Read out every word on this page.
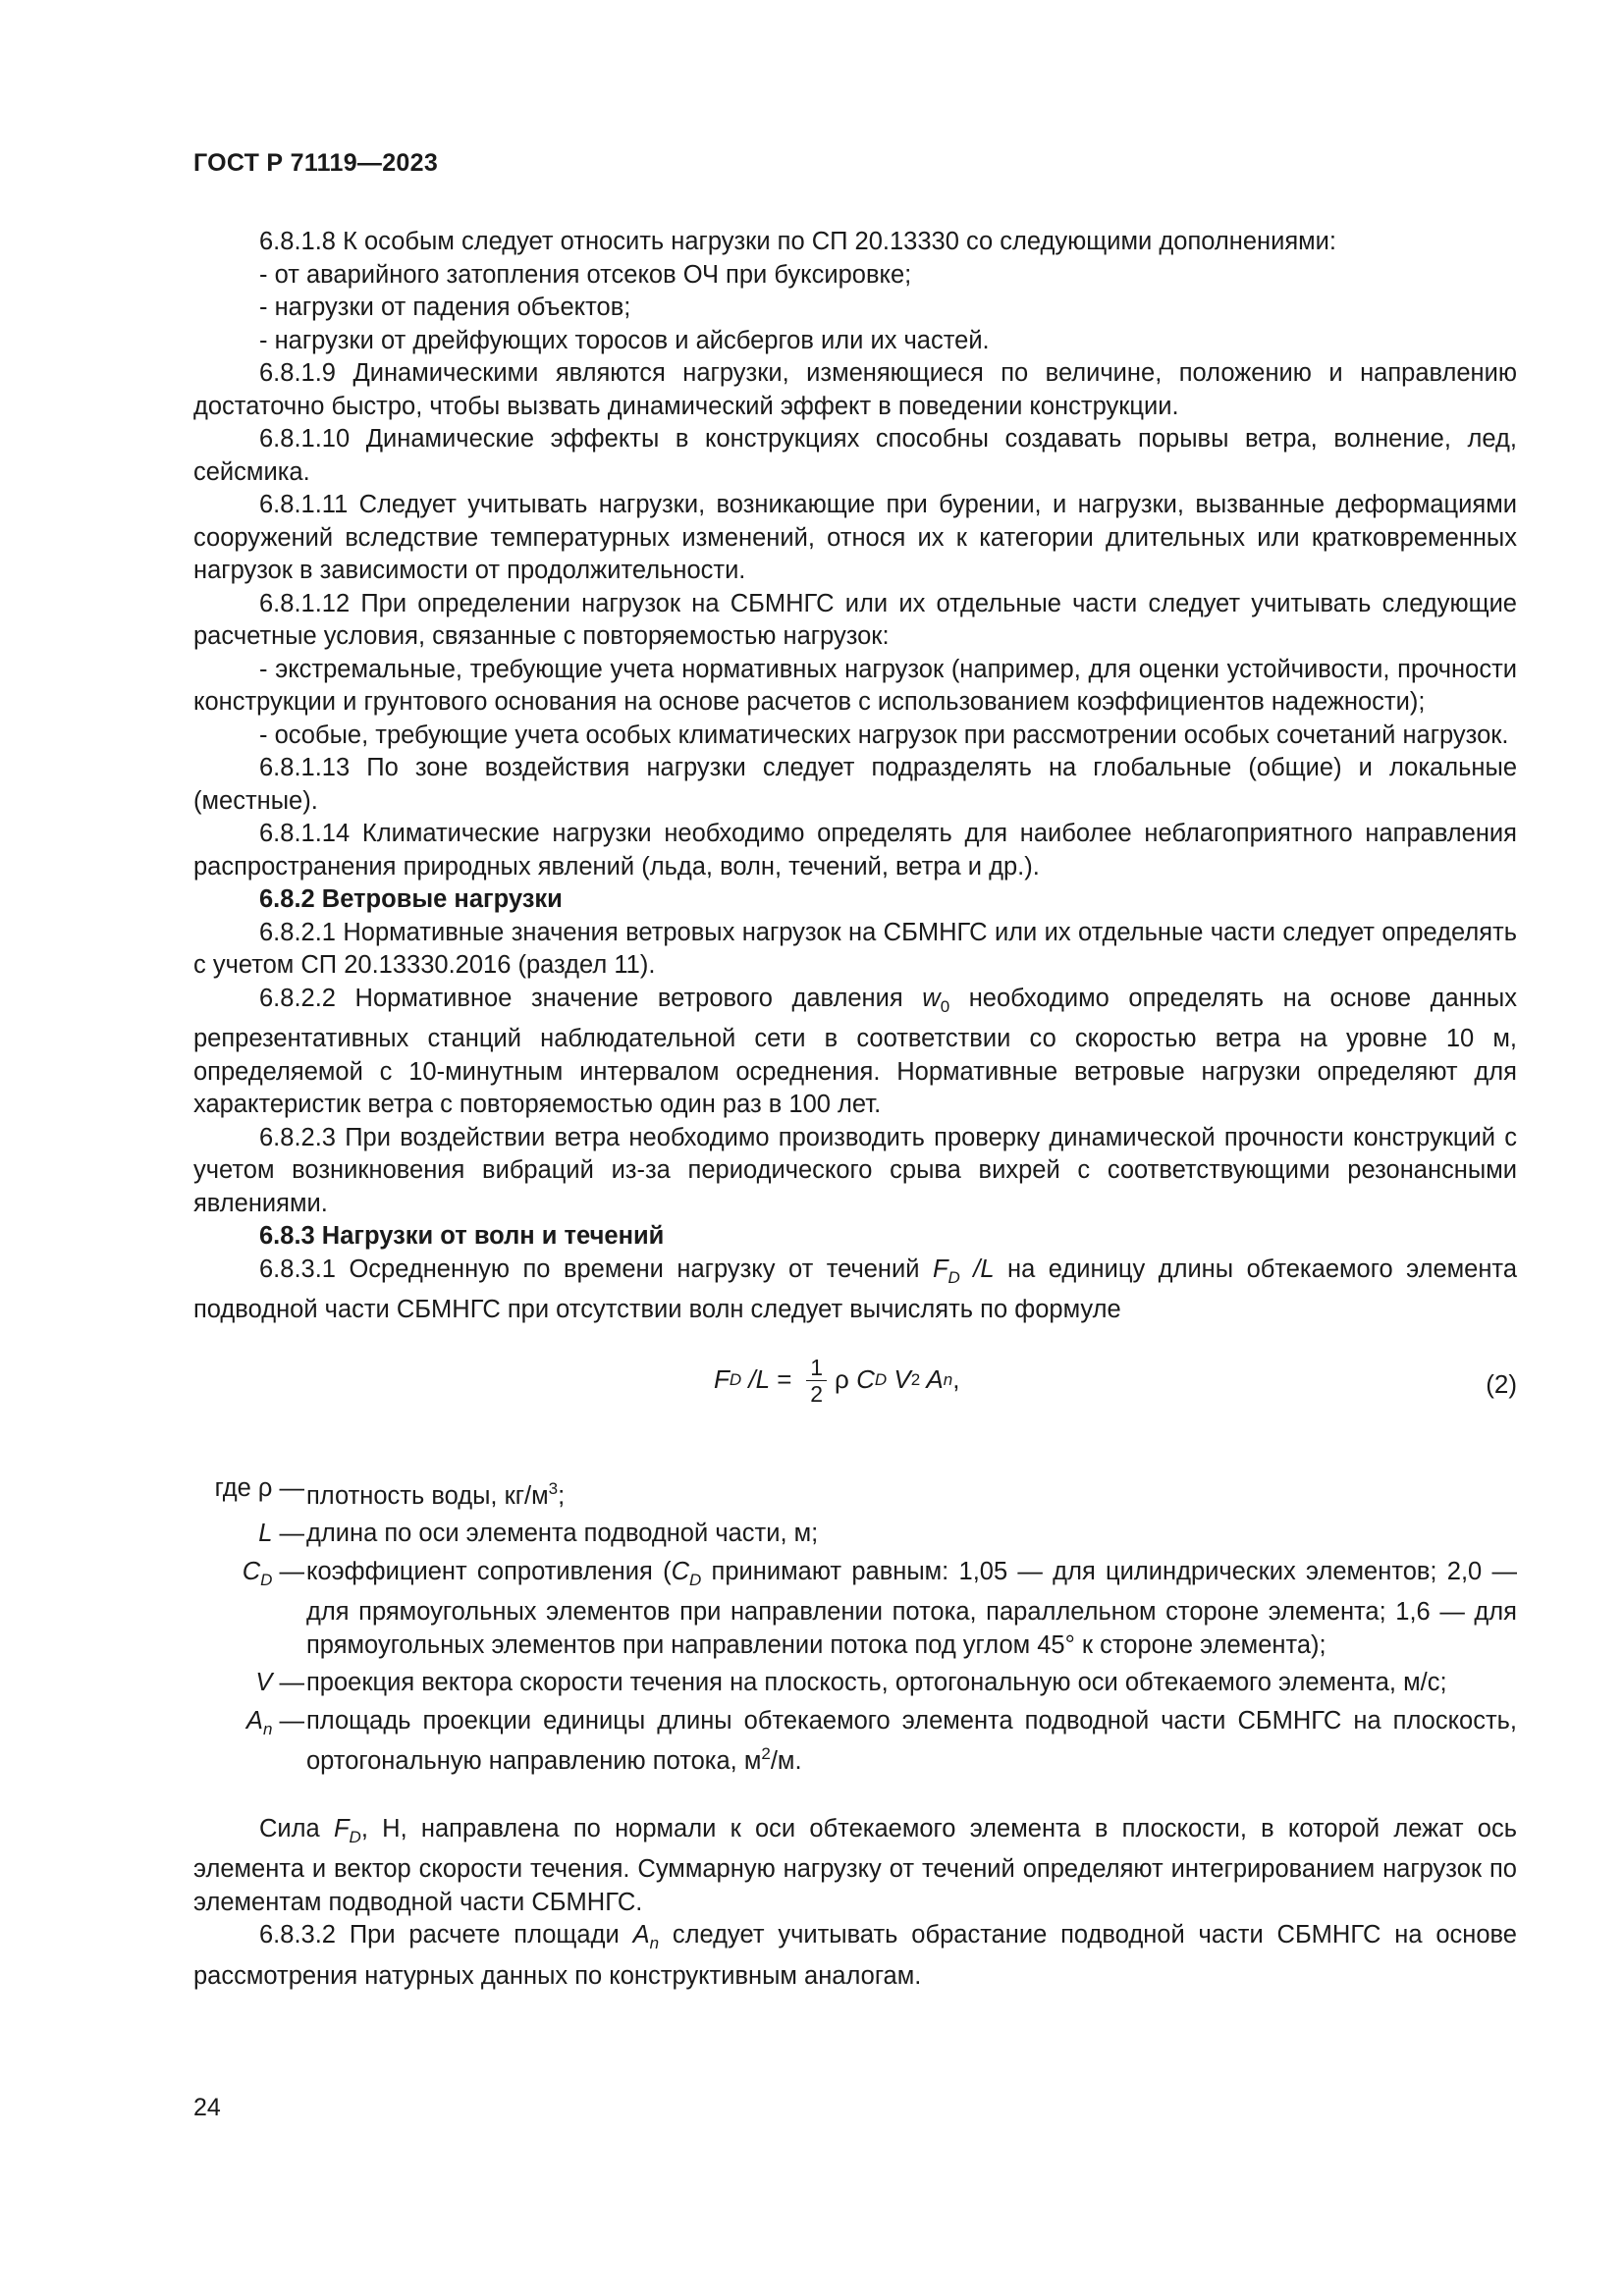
ГОСТ Р 71119—2023

6.8.1.8 К особым следует относить нагрузки по СП 20.13330 со следующими дополнениями:

- от аварийного затопления отсеков ОЧ при буксировке;

- нагрузки от падения объектов;

- нагрузки от дрейфующих торосов и айсбергов или их частей.

6.8.1.9 Динамическими являются нагрузки, изменяющиеся по величине, положению и направлению достаточно быстро, чтобы вызвать динамический эффект в поведении конструкции.

6.8.1.10 Динамические эффекты в конструкциях способны создавать порывы ветра, волнение, лед, сейсмика.

6.8.1.11 Следует учитывать нагрузки, возникающие при бурении, и нагрузки, вызванные деформациями сооружений вследствие температурных изменений, относя их к категории длительных или кратковременных нагрузок в зависимости от продолжительности.

6.8.1.12 При определении нагрузок на СБМНГС или их отдельные части следует учитывать следующие расчетные условия, связанные с повторяемостью нагрузок:

- экстремальные, требующие учета нормативных нагрузок (например, для оценки устойчивости, прочности конструкции и грунтового основания на основе расчетов с использованием коэффициентов надежности);

- особые, требующие учета особых климатических нагрузок при рассмотрении особых сочетаний нагрузок.

6.8.1.13 По зоне воздействия нагрузки следует подразделять на глобальные (общие) и локальные (местные).

6.8.1.14 Климатические нагрузки необходимо определять для наиболее неблагоприятного направления распространения природных явлений (льда, волн, течений, ветра и др.).

6.8.2 Ветровые нагрузки

6.8.2.1 Нормативные значения ветровых нагрузок на СБМНГС или их отдельные части следует определять с учетом СП 20.13330.2016 (раздел 11).

6.8.2.2 Нормативное значение ветрового давления $w_0$ необходимо определять на основе данных репрезентативных станций наблюдательной сети в соответствии со скоростью ветра на уровне 10 м, определяемой с 10-минутным интервалом осреднения. Нормативные ветровые нагрузки определяют для характеристик ветра с повторяемостью один раз в 100 лет.

6.8.2.3 При воздействии ветра необходимо производить проверку динамической прочности конструкций с учетом возникновения вибраций из-за периодического срыва вихрей с соответствующими резонансными явлениями.

6.8.3 Нагрузки от волн и течений

6.8.3.1 Осредненную по времени нагрузку от течений $F_D$ /L на единицу длины обтекаемого элемента подводной части СБМНГС при отсутствии волн следует вычислять по формуле

F D $/L = \frac{1}{2}$ ρ C D V 2 A n ,	(2)
где ρ — плотность воды, $кг/м^3$;
L — длина по оси элемента подводной части, м;
$C_D$ — коэффициент сопротивления ($C_D$ принимают равным: 1,05 — для цилиндрических элементов; 2,0 — для прямоугольных элементов при направлении потока, параллельном стороне элемента; 1,6 — для прямоугольных элементов при направлении потока под углом 45° к стороне элемента);
V — проекция вектора скорости течения на плоскость, ортогональную оси обтекаемого элемента, м/с;
$A_n$ — площадь проекции единицы длины обтекаемого элемента подводной части СБМНГС на плоскость, ортогональную направлению потока, $м^2/м$.

Сила $F_D$, Н, направлена по нормали к оси обтекаемого элемента в плоскости, в которой лежат ось элемента и вектор скорости течения. Суммарную нагрузку от течений определяют интегрированием нагрузок по элементам подводной части СБМНГС.

6.8.3.2 При расчете площади $A_n$ следует учитывать обрастание подводной части СБМНГС на основе рассмотрения натурных данных по конструктивным аналогам.

24
